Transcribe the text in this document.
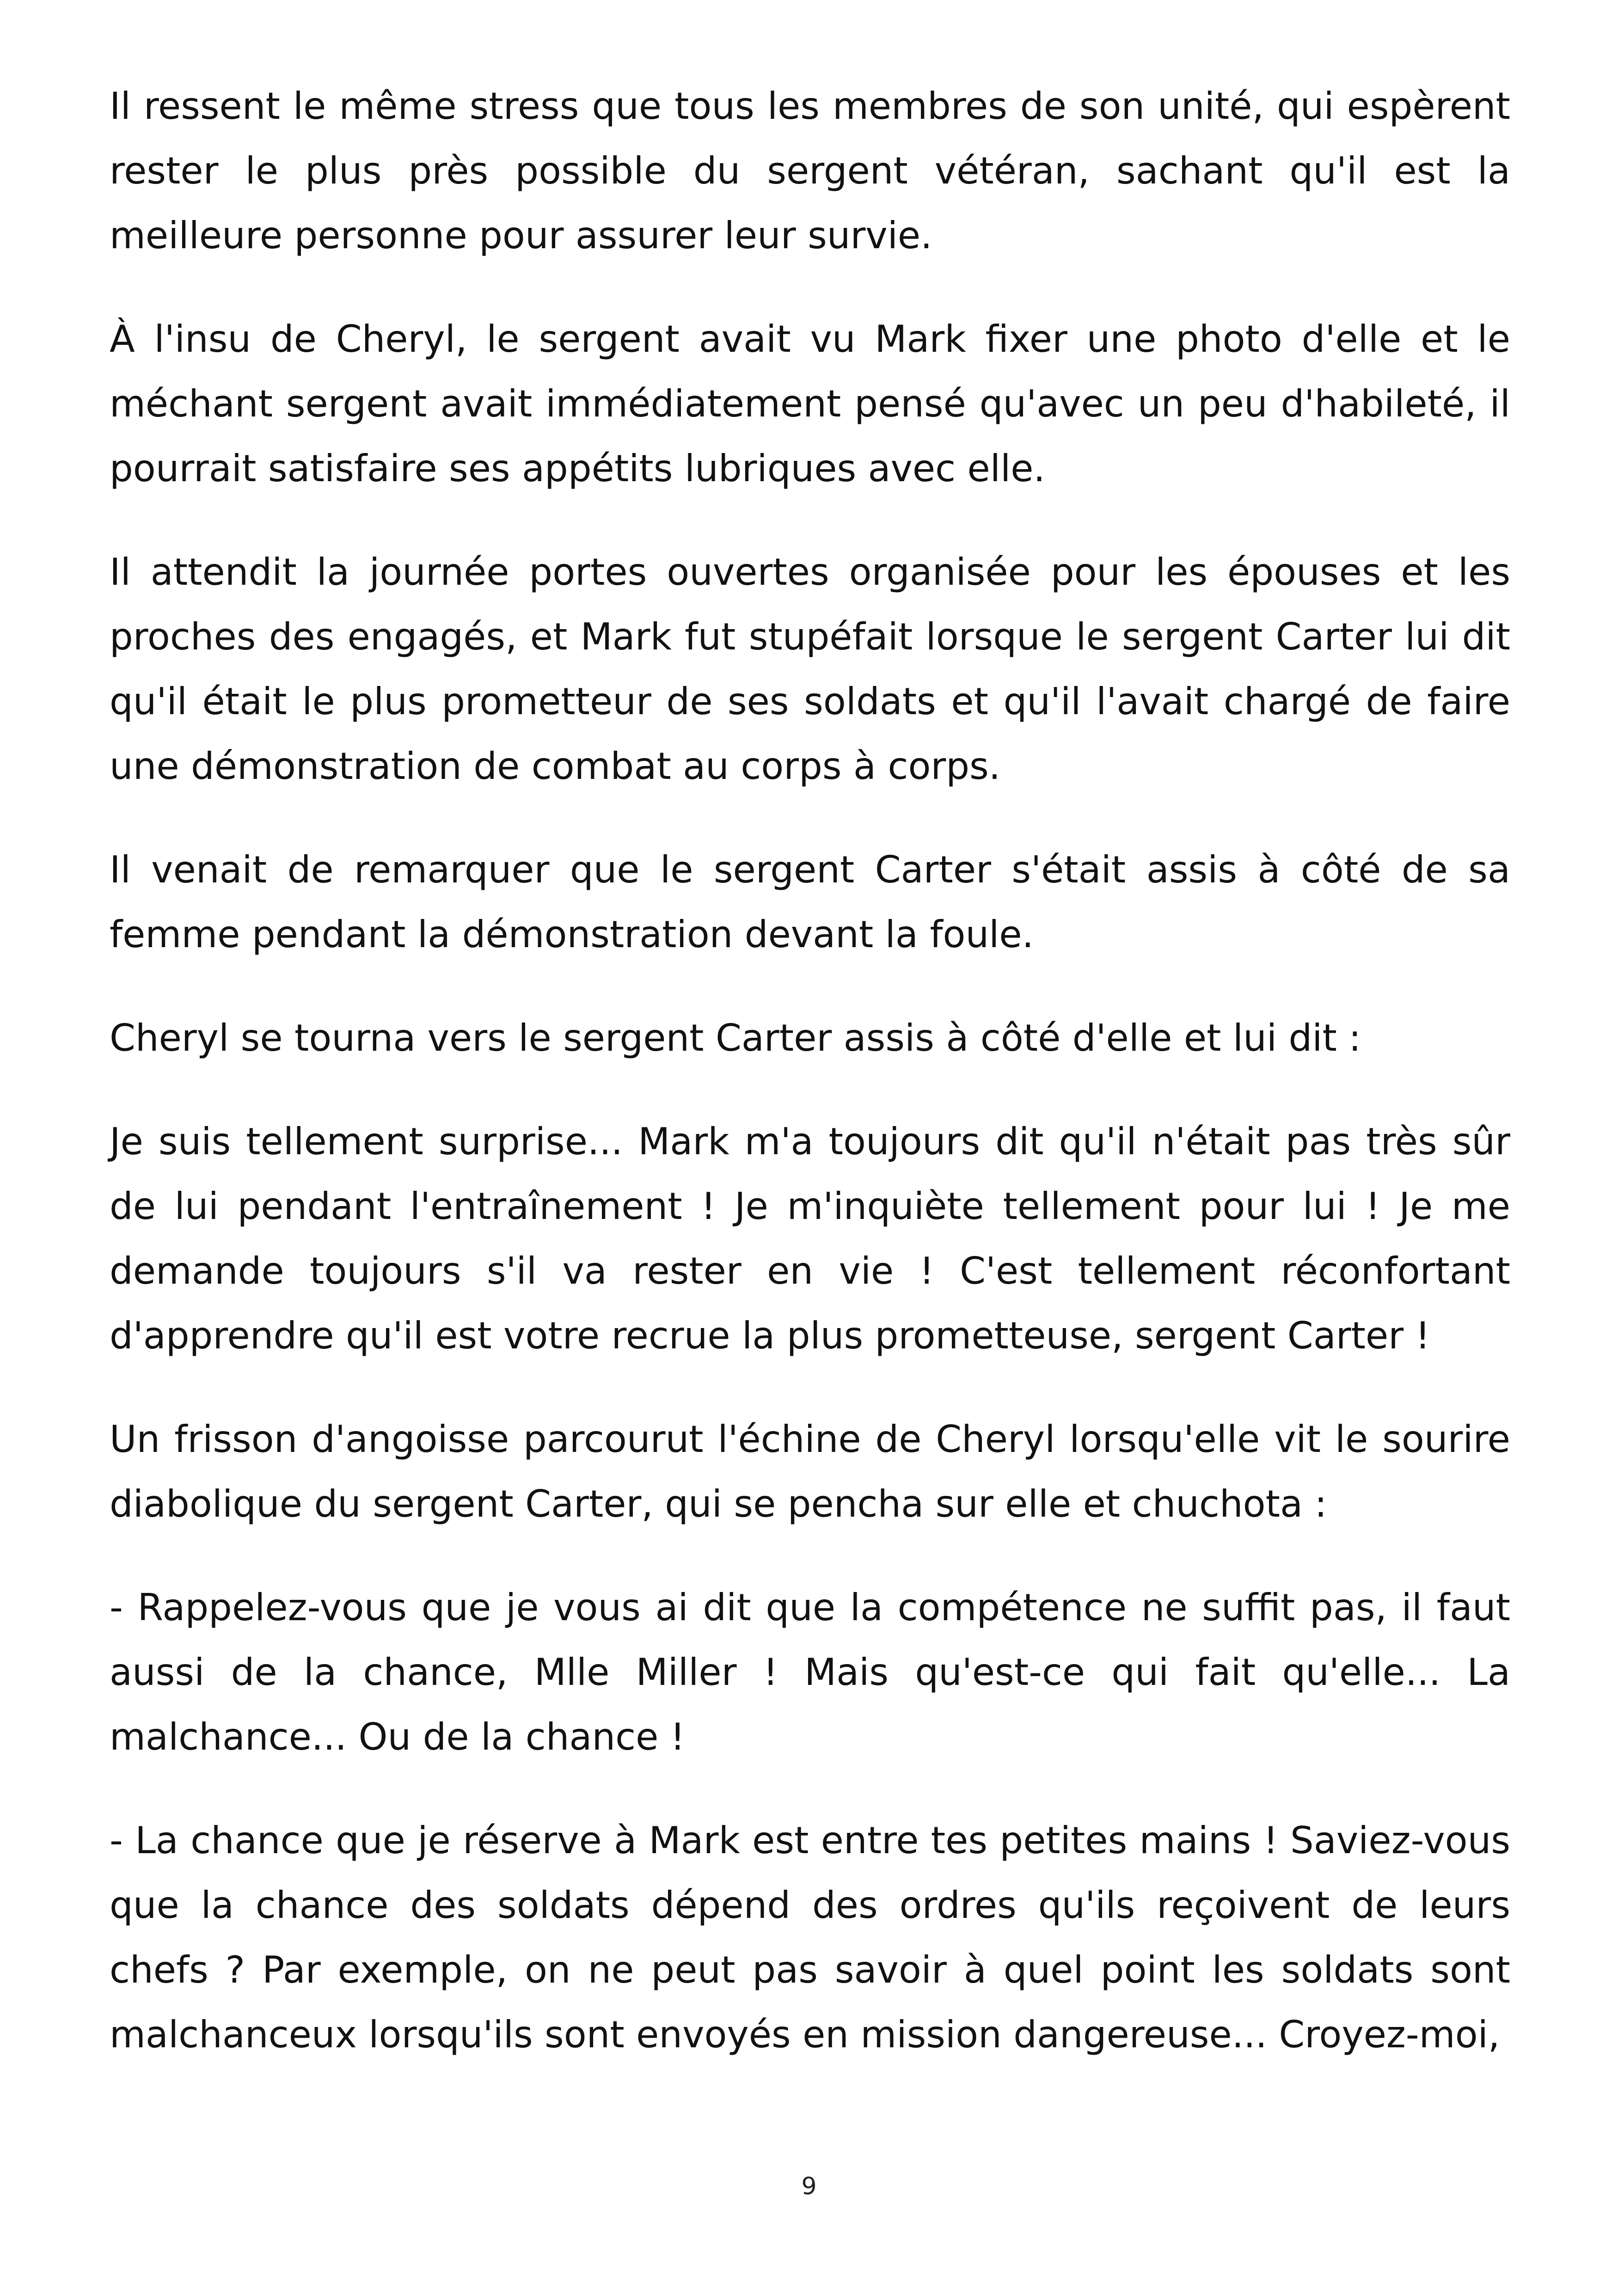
Il ressent le même stress que tous les membres de son unité, qui espèrent rester le plus près possible du sergent vétéran, sachant qu'il est la meilleure personne pour assurer leur survie.

À l'insu de Cheryl, le sergent avait vu Mark fixer une photo d'elle et le méchant sergent avait immédiatement pensé qu'avec un peu d'habileté, il pourrait satisfaire ses appétits lubriques avec elle.

Il attendit la journée portes ouvertes organisée pour les épouses et les proches des engagés, et Mark fut stupéfait lorsque le sergent Carter lui dit qu'il était le plus prometteur de ses soldats et qu'il l'avait chargé de faire une démonstration de combat au corps à corps.

Il venait de remarquer que le sergent Carter s'était assis à côté de sa femme pendant la démonstration devant la foule.

Cheryl se tourna vers le sergent Carter assis à côté d'elle et lui dit :

Je suis tellement surprise... Mark m'a toujours dit qu'il n'était pas très sûr de lui pendant l'entraînement ! Je m'inquiète tellement pour lui ! Je me demande toujours s'il va rester en vie ! C'est tellement réconfortant d'apprendre qu'il est votre recrue la plus prometteuse, sergent Carter !

Un frisson d'angoisse parcourut l'échine de Cheryl lorsqu'elle vit le sourire diabolique du sergent Carter, qui se pencha sur elle et chuchota :

- Rappelez-vous que je vous ai dit que la compétence ne suffit pas, il faut aussi de la chance, Mlle Miller ! Mais qu'est-ce qui fait qu'elle... La malchance... Ou de la chance !

- La chance que je réserve à Mark est entre tes petites mains ! Saviez-vous que la chance des soldats dépend des ordres qu'ils reçoivent de leurs chefs ? Par exemple, on ne peut pas savoir à quel point les soldats sont malchanceux lorsqu'ils sont envoyés en mission dangereuse... Croyez-moi,

9
